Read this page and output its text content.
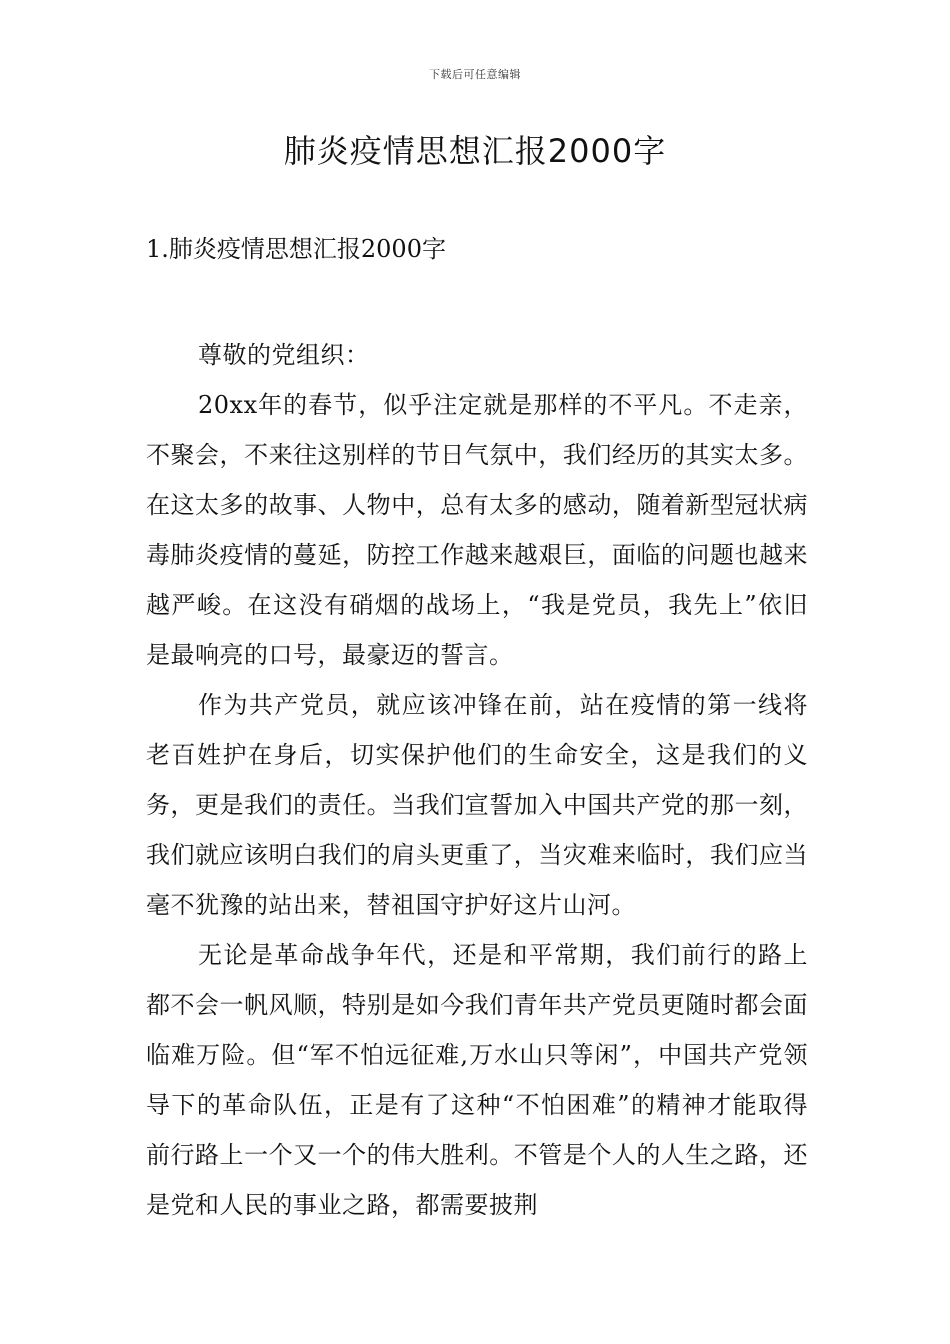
下载后可任意编辑
肺炎疫情思想汇报2000字
1.肺炎疫情思想汇报2000字

尊敬的党组织：

20xx年的春节，似乎注定就是那样的不平凡。不走亲，不聚会，不来往这别样的节日气氛中，我们经历的其实太多。在这太多的故事、人物中，总有太多的感动，随着新型冠状病毒肺炎疫情的蔓延，防控工作越来越艰巨，面临的问题也越来越严峻。在这没有硝烟的战场上，“我是党员，我先上”依旧是最响亮的口号，最豪迈的誓言。

作为共产党员，就应该冲锋在前，站在疫情的第一线将老百姓护在身后，切实保护他们的生命安全，这是我们的义务，更是我们的责任。当我们宣誓加入中国共产党的那一刻，我们就应该明白我们的肩头更重了，当灾难来临时，我们应当毫不犹豫的站出来，替祖国守护好这片山河。

无论是革命战争年代，还是和平常期，我们前行的路上都不会一帆风顺，特别是如今我们青年共产党员更随时都会面临难万险。但“军不怕远征难,万水山只等闲”，中国共产党领导下的革命队伍，正是有了这种“不怕困难”的精神才能取得前行路上一个又一个的伟大胜利。不管是个人的人生之路，还是党和人民的事业之路，都需要披荆
